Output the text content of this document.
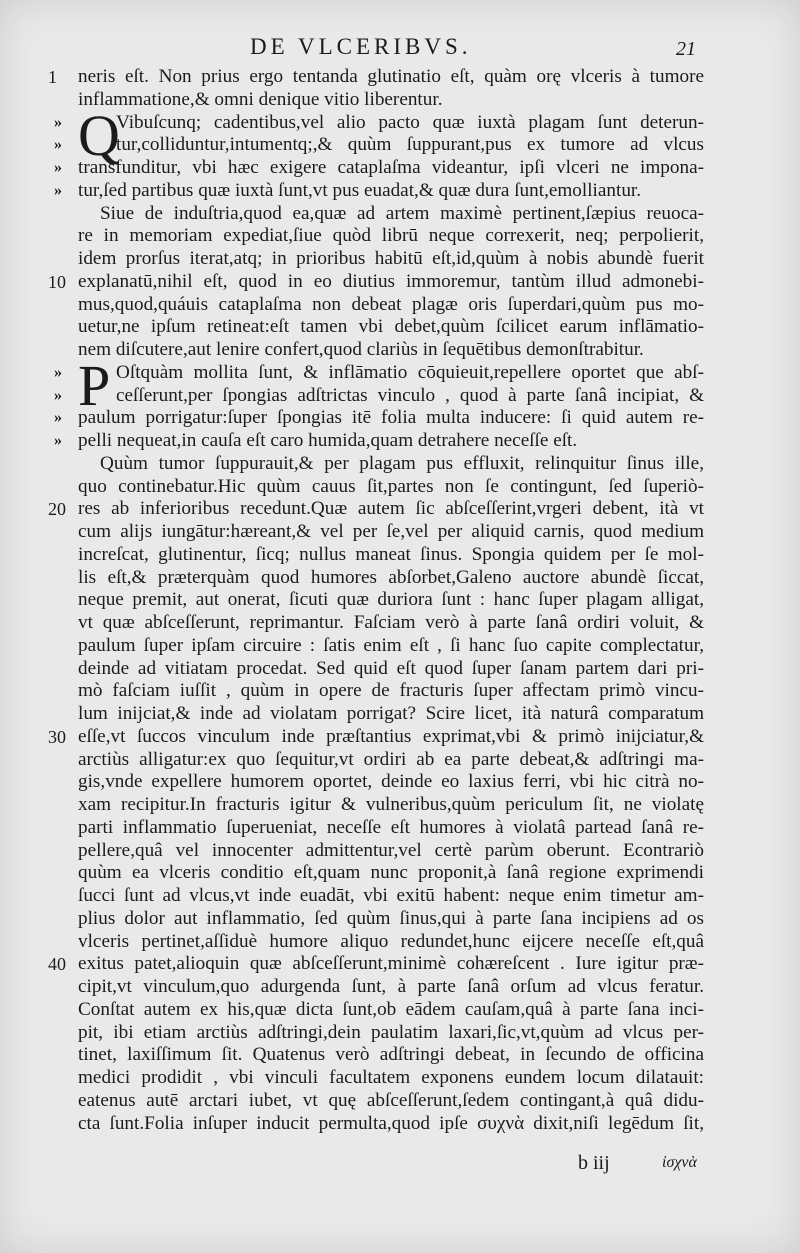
DE VLCERIBVS.	21
1	neris eſt. Non prius ergo tentanda glutinatio eſt, quàm orę vlceris à tumore
inflammatione,& omni denique vitio liberentur.
» Q
Vibuſcunq; cadentibus,vel alio pacto quæ iuxtà plagam ſunt deterun-
»	tur,colliduntur,intumentq;,& quùm ſuppurant,pus ex tumore ad vlcus
» transfunditur, vbi hæc exigere cataplaſma videantur, ipſi vlceri ne impona-
» tur,ſed partibus quæ iuxtà ſunt,vt pus euadat,& quæ dura ſunt,emolliantur.
Siue de induſtria,quod ea,quæ ad artem maximè pertinent,ſæpius reuoca-
re in memoriam expediat,ſiue quòd librū neque correxerit, neq; perpolierit,
idem prorſus iterat,atq; in prioribus habitū eſt,id,quùm à nobis abundè fuerit
10 explanatū,nihil eſt, quod in eo diutius immoremur, tantùm illud admonebi-
mus,quod,quáuis cataplaſma non debeat plagæ oris ſuperdari,quùm pus mo-
uetur,ne ipſum retineat:eſt tamen vbi debet,quùm ſcilicet earum inflāmatio-
nem diſcutere,aut lenire confert,quod clariùs in ſequētibus demonſtrabitur.
» P Oſtquàm mollita ſunt, & inflāmatio cōquieuit,repellere oportet que abſ-
»	ceſſerunt,per ſpongias adſtrictas vinculo , quod à parte ſanâ incipiat, &
» paulum porrigatur:ſuper ſpongias itē folia multa inducere: ſi quid autem re-
» pelli nequeat,in cauſa eſt caro humida,quam detrahere neceſſe eſt.
Quùm tumor ſuppurauit,& per plagam pus effluxit, relinquitur ſinus ille,
quo continebatur.Hic quùm cauus ſit,partes non ſe contingunt, ſed ſuperiò-
20 res ab inferioribus recedunt.Quæ autem ſic abſceſſerint,vrgeri debent, ità vt
cum alijs iungātur:hæreant,& vel per ſe,vel per aliquid carnis, quod medium
increſcat, glutinentur, ſicq; nullus maneat ſinus. Spongia quidem per ſe mol-
lis eſt,& præterquàm quod humores abſorbet,Galeno auctore abundè ſiccat,
neque premit, aut onerat, ſicuti quæ duriora ſunt : hanc ſuper plagam alligat,
vt quæ abſceſſerunt, reprimantur. Faſciam verò à parte ſanâ ordiri voluit, &
paulum ſuper ipſam circuire : ſatis enim eſt , ſi hanc ſuo capite complectatur,
deinde ad vitiatam procedat. Sed quid eſt quod ſuper ſanam partem dari pri-
mò faſciam iuſſit , quùm in opere de fracturis ſuper affectam primò vincu-
lum inijciat,& inde ad violatam porrigat? Scire licet, ità naturâ comparatum
30 eſſe,vt ſuccos vinculum inde præſtantius exprimat,vbi & primò inijciatur,&
arctiùs alligatur:ex quo ſequitur,vt ordiri ab ea parte debeat,& adſtringi ma-
gis,vnde expellere humorem oportet, deinde eo laxius ferri, vbi hic citrà no-
xam recipitur.In fracturis igitur & vulneribus,quùm periculum ſit, ne violatę
parti inflammatio ſuperueniat, neceſſe eſt humores à violatâ partead ſanâ re-
pellere,quâ vel innocenter admittentur,vel certè parùm oberunt. Econtrariò
quùm ea vlceris conditio eſt,quam nunc proponit,à ſanâ regione exprimendi
ſucci ſunt ad vlcus,vt inde euadāt, vbi exitū habent: neque enim timetur am-
plius dolor aut inflammatio, ſed quùm ſinus,qui à parte ſana incipiens ad os
vlceris pertinet,aſſiduè humore aliquo redundet,hunc eijcere neceſſe eſt,quâ
40 exitus patet,alioquin quæ abſceſſerunt,minimè cohæreſcent . Iure igitur præ-
cipit,vt vinculum,quo adurgenda ſunt, à parte ſanâ orſum ad vlcus feratur.
Conſtat autem ex his,quæ dicta ſunt,ob eādem cauſam,quâ à parte ſana inci-
pit, ibi etiam arctiùs adſtringi,dein paulatim laxari,ſic,vt,quùm ad vlcus per-
tinet, laxiſſimum ſit. Quatenus verò adſtringi debeat, in ſecundo de officina
medici prodidit , vbi vinculi facultatem exponens eundem locum dilatauit:
eatenus autē arctari iubet, vt quę abſceſſerunt,ſedem contingant,à quâ didu-
cta ſunt.Folia inſuper inducit permulta,quod ipſe συχνὰ dixit,niſi legēdum ſit,
b iij	ἰσχνὰ
